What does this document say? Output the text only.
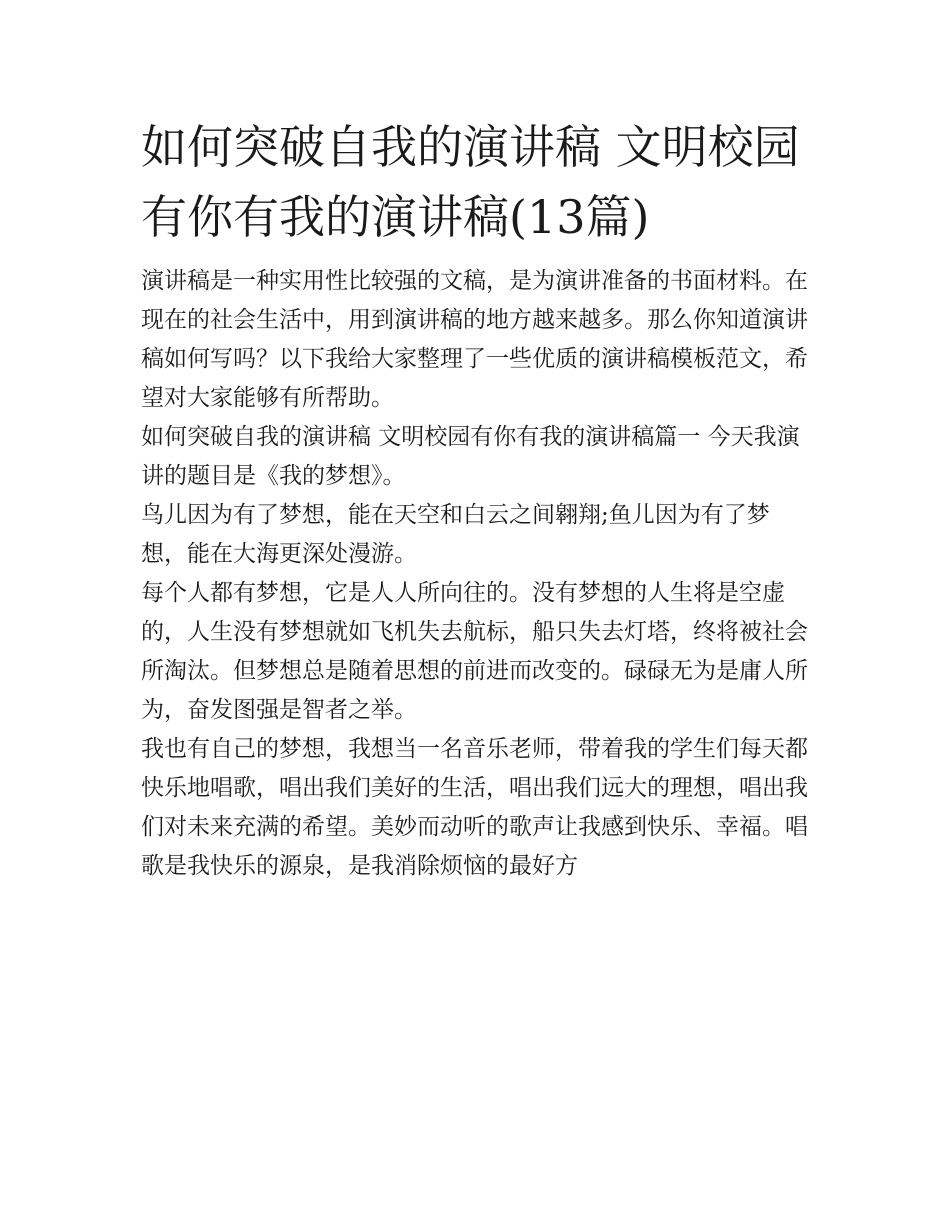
如何突破自我的演讲稿 文明校园有你有我的演讲稿(13篇)

演讲稿是一种实用性比较强的文稿，是为演讲准备的书面材料。在现在的社会生活中，用到演讲稿的地方越来越多。那么你知道演讲稿如何写吗？以下我给大家整理了一些优质的演讲稿模板范文，希望对大家能够有所帮助。

如何突破自我的演讲稿 文明校园有你有我的演讲稿篇一 今天我演讲的题目是《我的梦想》。

鸟儿因为有了梦想，能在天空和白云之间翱翔;鱼儿因为有了梦想，能在大海更深处漫游。

每个人都有梦想，它是人人所向往的。没有梦想的人生将是空虚的，人生没有梦想就如飞机失去航标，船只失去灯塔，终将被社会所淘汰。但梦想总是随着思想的前进而改变的。碌碌无为是庸人所为，奋发图强是智者之举。

我也有自己的梦想，我想当一名音乐老师，带着我的学生们每天都快乐地唱歌，唱出我们美好的生活，唱出我们远大的理想，唱出我们对未来充满的希望。美妙而动听的歌声让我感到快乐、幸福。唱歌是我快乐的源泉，是我消除烦恼的最好方
